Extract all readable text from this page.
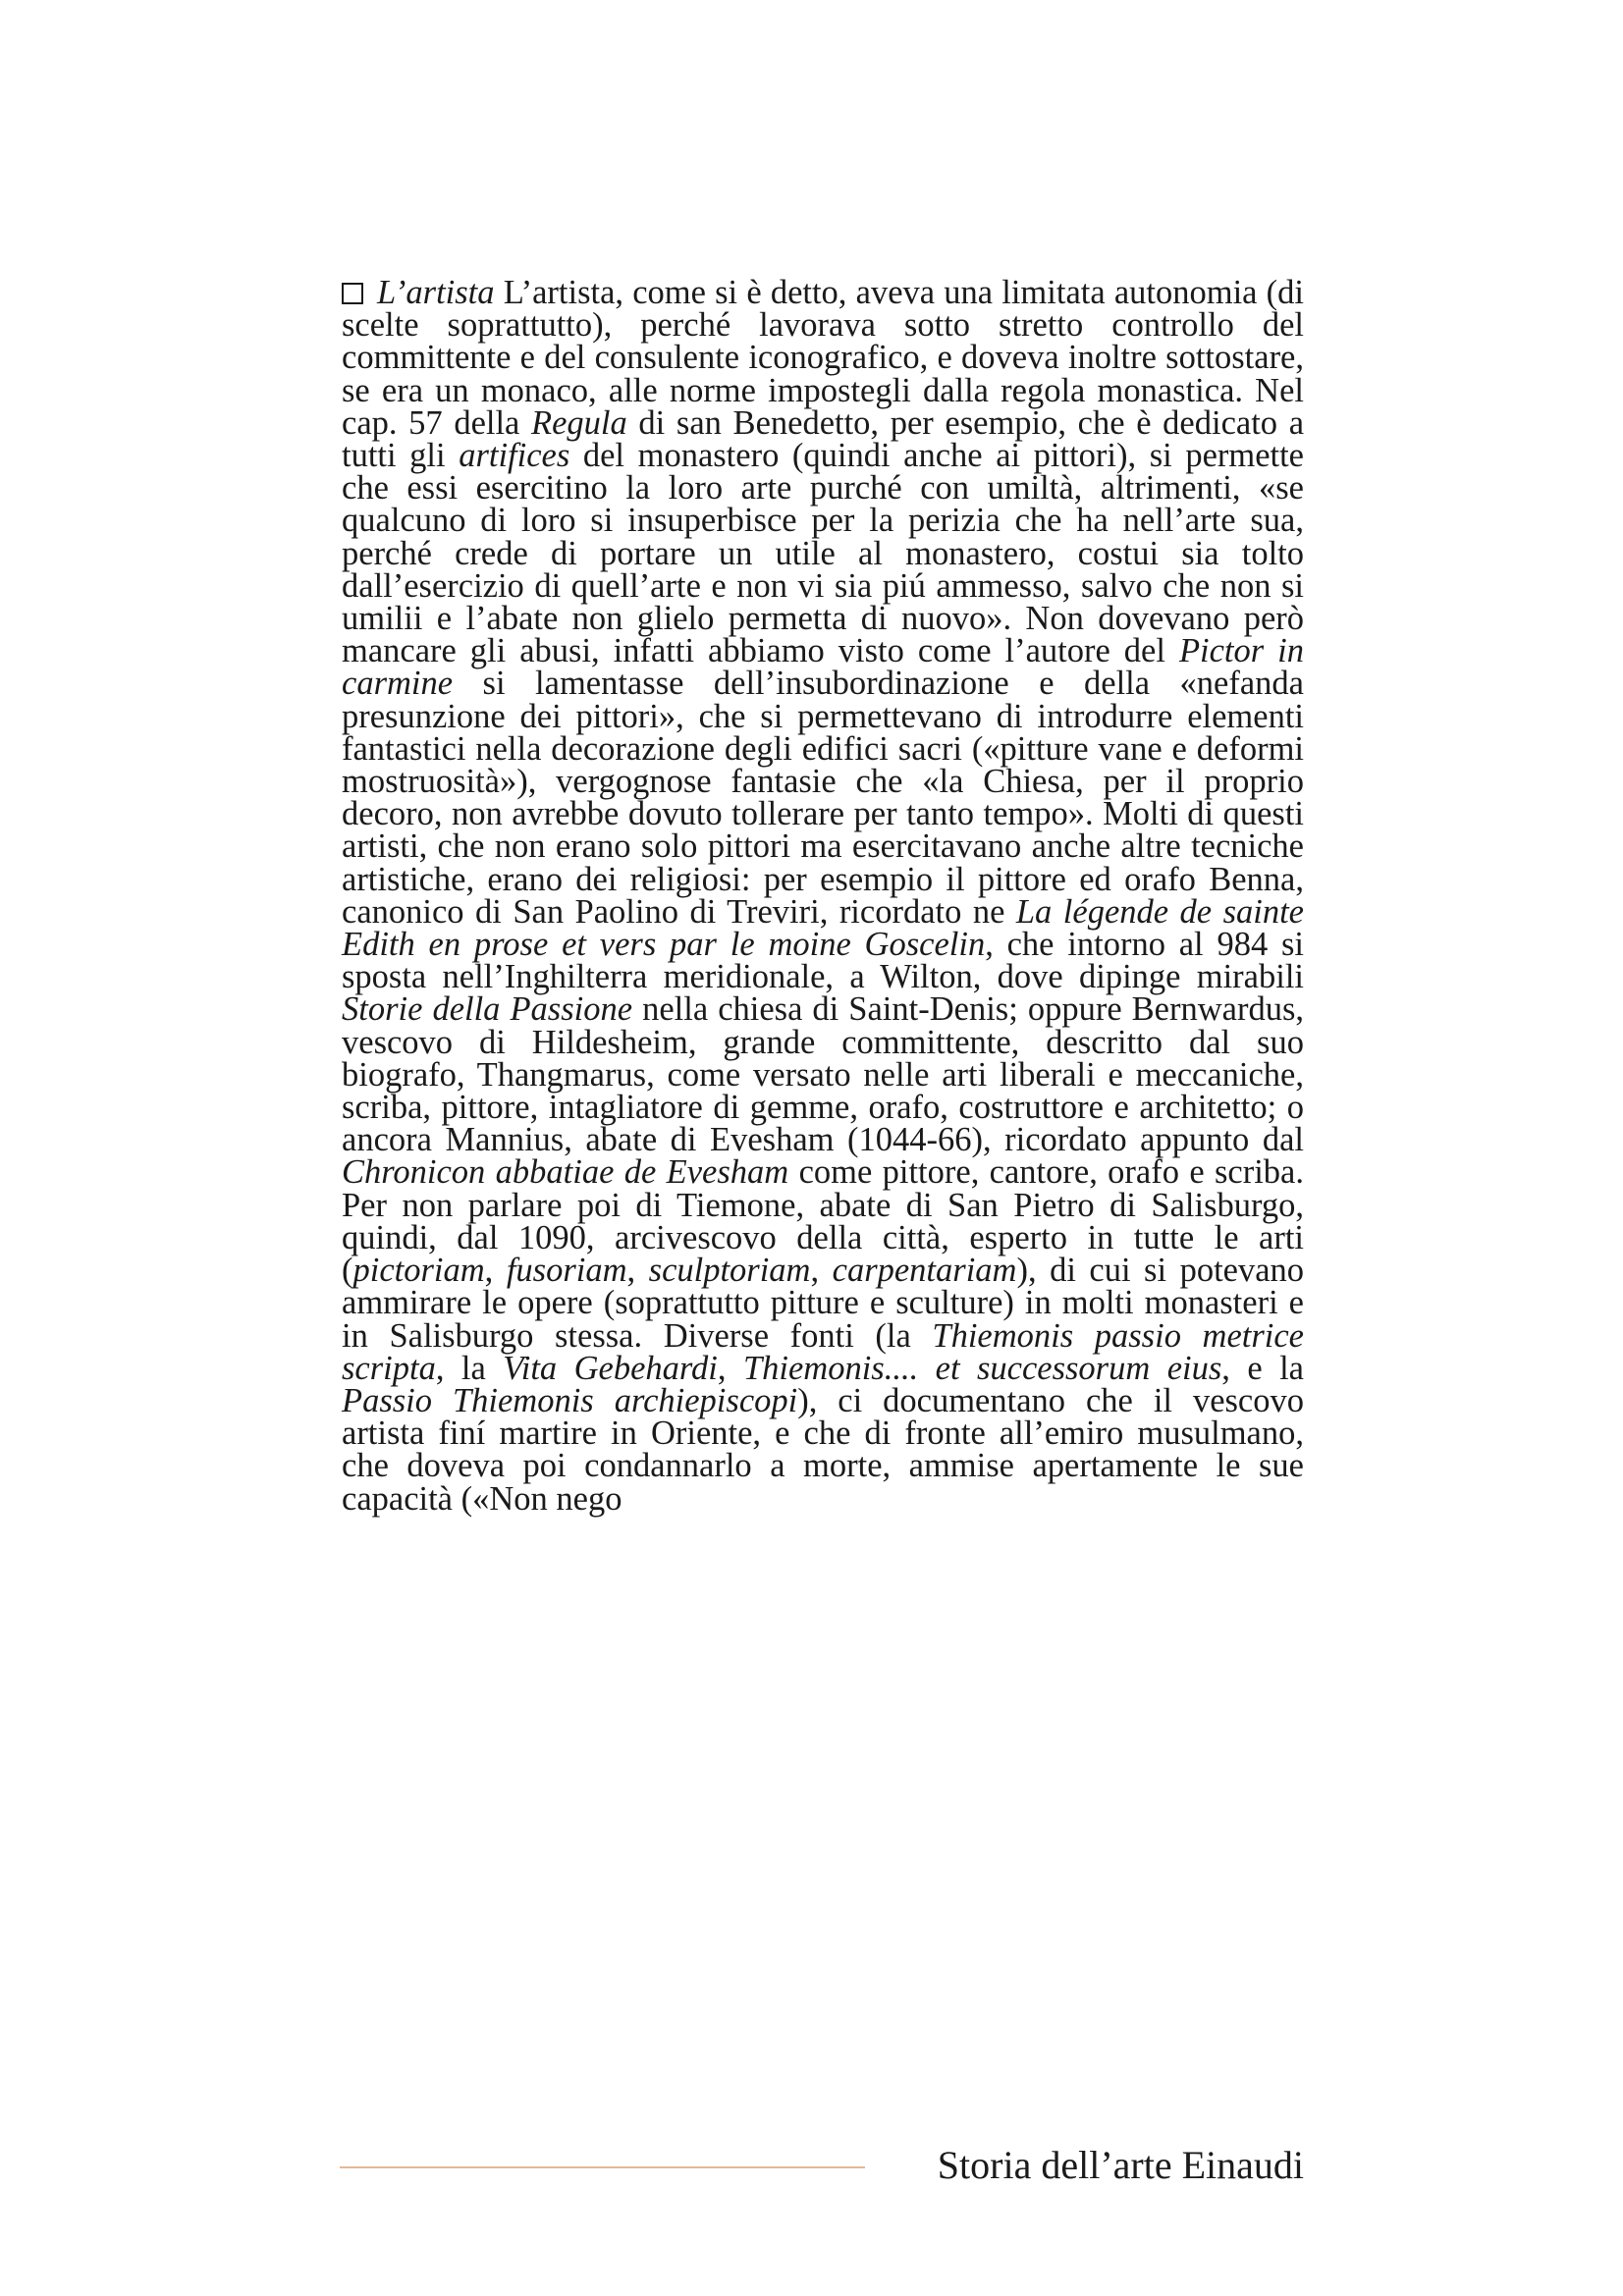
L’artista L’artista, come si è detto, aveva una limitata autonomia (di scelte soprattutto), perché lavorava sotto stretto controllo del committente e del consulente iconografico, e doveva inoltre sottostare, se era un monaco, alle norme impostegli dalla regola monastica. Nel cap. 57 della Regula di san Benedetto, per esempio, che è dedicato a tutti gli artifices del monastero (quindi anche ai pittori), si permette che essi esercitino la loro arte purché con umiltà, altrimenti, «se qualcuno di loro si insuperbisce per la perizia che ha nell’arte sua, perché crede di portare un utile al monastero, costui sia tolto dall’esercizio di quell’arte e non vi sia piú ammesso, salvo che non si umilii e l’abate non glielo permetta di nuovo». Non dovevano però mancare gli abusi, infatti abbiamo visto come l’autore del Pictor in carmine si lamentasse dell’insubordinazione e della «nefanda presunzione dei pittori», che si permettevano di introdurre elementi fantastici nella decorazione degli edifici sacri («pitture vane e deformi mostruosità»), vergognose fantasie che «la Chiesa, per il proprio decoro, non avrebbe dovuto tollerare per tanto tempo». Molti di questi artisti, che non erano solo pittori ma esercitavano anche altre tecniche artistiche, erano dei religiosi: per esempio il pittore ed orafo Benna, canonico di San Paolino di Treviri, ricordato ne La légende de sainte Edith en prose et vers par le moine Goscelin, che intorno al 984 si sposta nell’Inghilterra meridionale, a Wilton, dove dipinge mirabili Storie della Passione nella chiesa di Saint-Denis; oppure Bernwardus, vescovo di Hildesheim, grande committente, descritto dal suo biografo, Thangmarus, come versato nelle arti liberali e meccaniche, scriba, pittore, intagliatore di gemme, orafo, costruttore e architetto; o ancora Mannius, abate di Evesham (1044-66), ricordato appunto dal Chronicon abbatiae de Evesham come pittore, cantore, orafo e scriba. Per non parlare poi di Tiemone, abate di San Pietro di Salisburgo, quindi, dal 1090, arcivescovo della città, esperto in tutte le arti (pictoriam, fusoriam, sculptoriam, carpentariam), di cui si potevano ammirare le opere (soprattutto pitture e sculture) in molti monasteri e in Salisburgo stessa. Diverse fonti (la Thiemonis passio metrice scripta, la Vita Gebehardi, Thiemonis.... et successorum eius, e la Passio Thiemonis archiepiscopi), ci documentano che il vescovo artista finí martire in Oriente, e che di fronte all’emiro musulmano, che doveva poi condannarlo a morte, ammise apertamente le sue capacità («Non nego

Storia dell’arte Einaudi
